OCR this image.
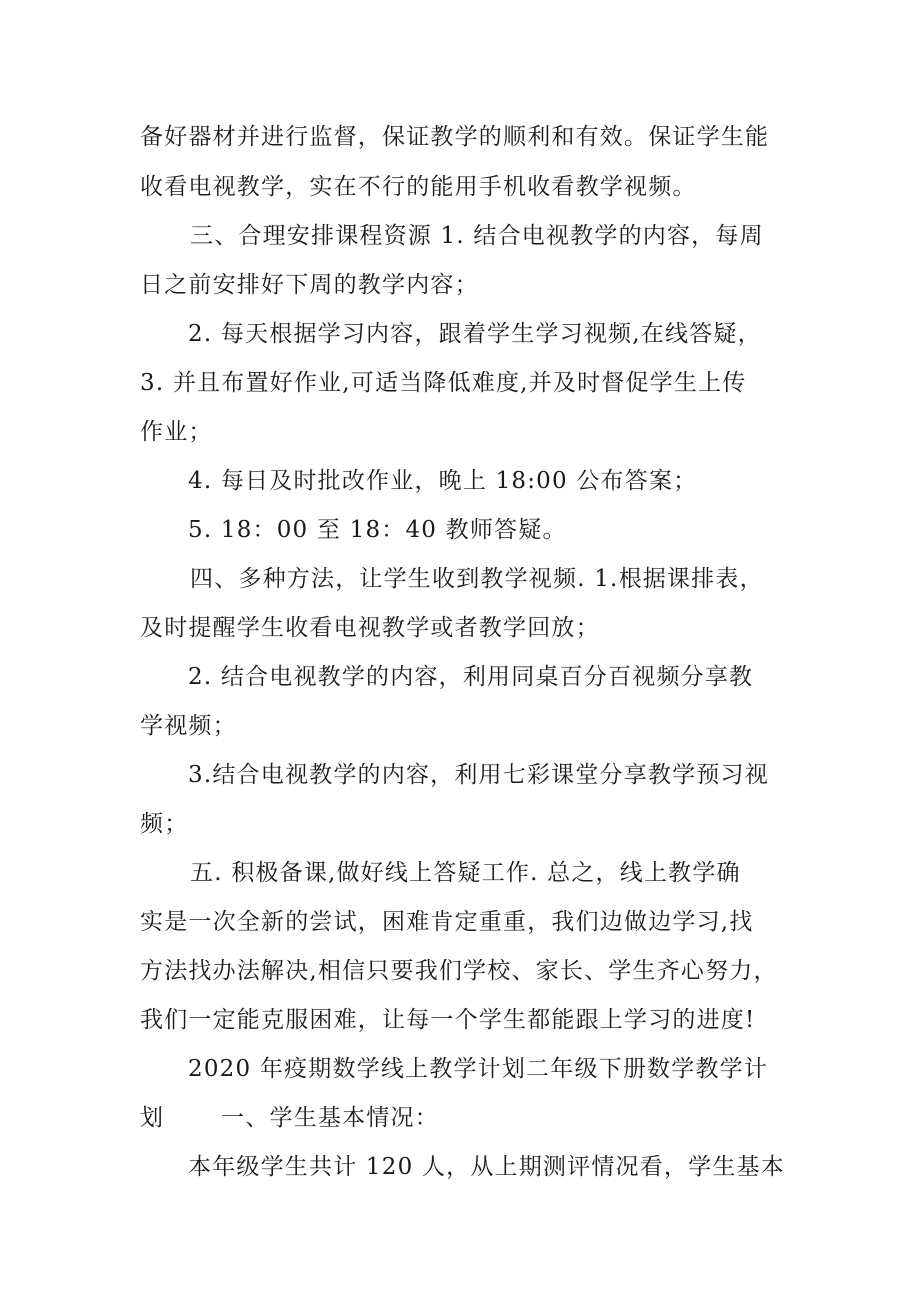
备好器材并进行监督，保证教学的顺利和有效。保证学生能
收看电视教学，实在不行的能用手机收看教学视频。
三、合理安排课程资源 1. 结合电视教学的内容，每周
日之前安排好下周的教学内容；
2. 每天根据学习内容，跟着学生学习视频,在线答疑，
3. 并且布置好作业,可适当降低难度,并及时督促学生上传
作业；
4. 每日及时批改作业，晚上 18:00 公布答案；
5. 18：00 至 18：40 教师答疑。
四、多种方法，让学生收到教学视频. 1.根据课排表，
及时提醒学生收看电视教学或者教学回放；
2. 结合电视教学的内容，利用同桌百分百视频分享教
学视频；
3.结合电视教学的内容，利用七彩课堂分享教学预习视
频；
五. 积极备课,做好线上答疑工作. 总之，线上教学确
实是一次全新的尝试，困难肯定重重，我们边做边学习,找
方法找办法解决,相信只要我们学校、家长、学生齐心努力，
我们一定能克服困难，让每一个学生都能跟上学习的进度!
2020 年疫期数学线上教学计划二年级下册数学教学计
划　　 一、学生基本情况：
本年级学生共计 120 人，从上期测评情况看，学生基本
